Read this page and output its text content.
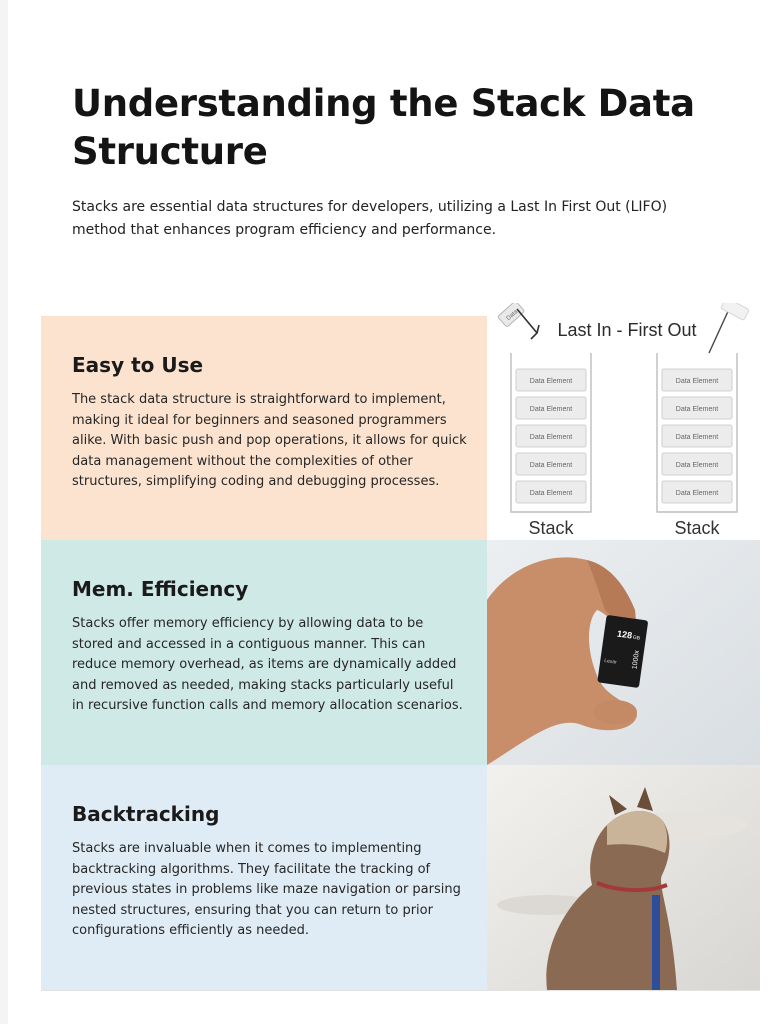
Understanding the Stack Data Structure

Stacks are essential data structures for developers, utilizing a Last In First Out (LIFO) method that enhances program efficiency and performance.

Easy to Use

The stack data structure is straightforward to implement, making it ideal for beginners and seasoned programmers alike. With basic push and pop operations, it allows for quick data management without the complexities of other structures, simplifying coding and debugging processes.

Mem. Efficiency

Stacks offer memory efficiency by allowing data to be stored and accessed in a contiguous manner. This can reduce memory overhead, as items are dynamically added and removed as needed, making stacks particularly useful in recursive function calls and memory allocation scenarios.

Backtracking

Stacks are invaluable when it comes to implementing backtracking algorithms. They facilitate the tracking of previous states in problems like maze navigation or parsing nested structures, ensuring that you can return to prior configurations efficiently as needed.

Data
Last In - First Out
Stack	Stack
Data Element
Data Element
Data Element
Data Element
Data Element
Data Element
Data Element
Data Element
Data Element
Data Element
128 GB
Lexar 1000x
